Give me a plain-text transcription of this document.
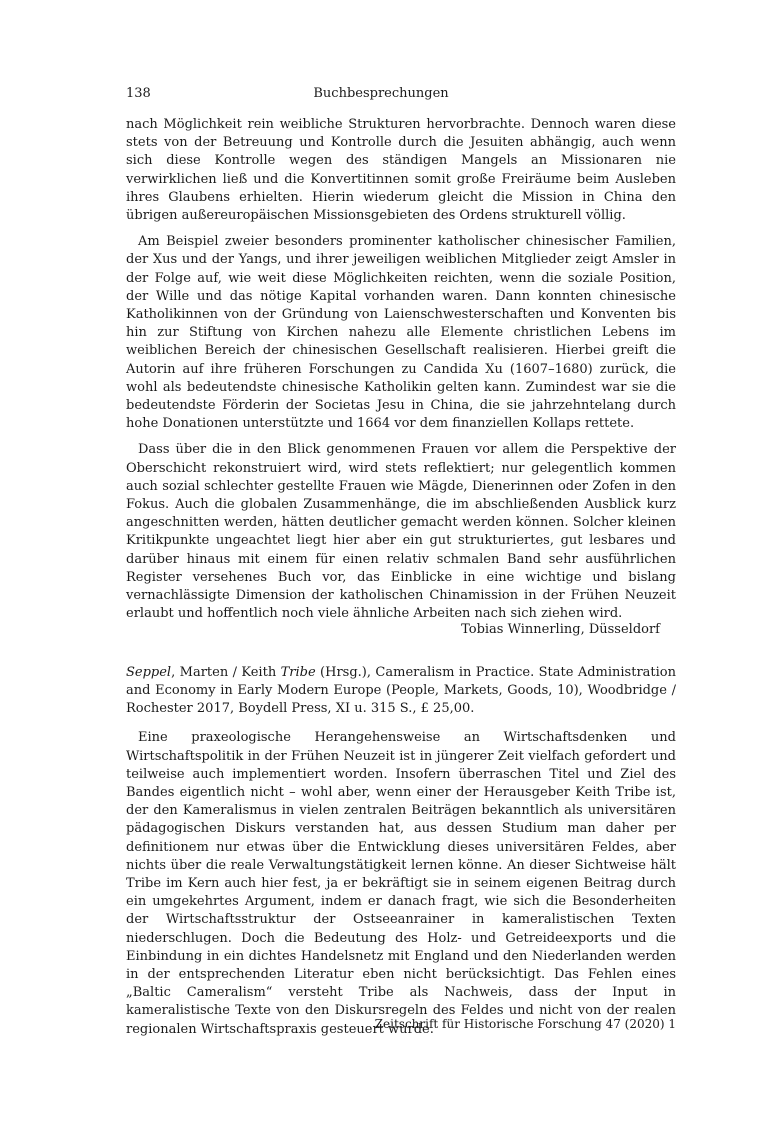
138	Buchbesprechungen

nach Möglichkeit rein weibliche Strukturen hervorbrachte. Dennoch waren diese stets von der Betreuung und Kontrolle durch die Jesuiten abhängig, auch wenn sich diese Kontrolle wegen des ständigen Mangels an Missionaren nie verwirklichen ließ und die Konvertitinnen somit große Freiräume beim Ausleben ihres Glaubens erhielten. Hierin wiederum gleicht die Mission in China den übrigen außereuropäischen Missionsgebieten des Ordens strukturell völlig.

Am Beispiel zweier besonders prominenter katholischer chinesischer Familien, der Xus und der Yangs, und ihrer jeweiligen weiblichen Mitglieder zeigt Amsler in der Folge auf, wie weit diese Möglichkeiten reichten, wenn die soziale Position, der Wille und das nötige Kapital vorhanden waren. Dann konnten chinesische Katholikinnen von der Gründung von Laienschwesterschaften und Konventen bis hin zur Stiftung von Kirchen nahezu alle Elemente christlichen Lebens im weiblichen Bereich der chinesischen Gesellschaft realisieren. Hierbei greift die Autorin auf ihre früheren Forschungen zu Candida Xu (1607–1680) zurück, die wohl als bedeutendste chinesische Katholikin gelten kann. Zumindest war sie die bedeutendste Förderin der Societas Jesu in China, die sie jahrzehntelang durch hohe Donationen unterstützte und 1664 vor dem finanziellen Kollaps rettete.

Dass über die in den Blick genommenen Frauen vor allem die Perspektive der Oberschicht rekonstruiert wird, wird stets reflektiert; nur gelegentlich kommen auch sozial schlechter gestellte Frauen wie Mägde, Dienerinnen oder Zofen in den Fokus. Auch die globalen Zusammenhänge, die im abschließenden Ausblick kurz angeschnitten werden, hätten deutlicher gemacht werden können. Solcher kleinen Kritikpunkte ungeachtet liegt hier aber ein gut strukturiertes, gut lesbares und darüber hinaus mit einem für einen relativ schmalen Band sehr ausführlichen Register versehenes Buch vor, das Einblicke in eine wichtige und bislang vernachlässigte Dimension der katholischen Chinamission in der Frühen Neuzeit erlaubt und hoffentlich noch viele ähnliche Arbeiten nach sich ziehen wird.

Tobias Winnerling, Düsseldorf
Seppel, Marten / Keith Tribe (Hrsg.), Cameralism in Practice. State Administration and Economy in Early Modern Europe (People, Markets, Goods, 10), Woodbridge / Rochester 2017, Boydell Press, XI u. 315 S., £ 25,00.

Eine praxeologische Herangehensweise an Wirtschaftsdenken und Wirtschaftspolitik in der Frühen Neuzeit ist in jüngerer Zeit vielfach gefordert und teilweise auch implementiert worden. Insofern überraschen Titel und Ziel des Bandes eigentlich nicht – wohl aber, wenn einer der Herausgeber Keith Tribe ist, der den Kameralismus in vielen zentralen Beiträgen bekanntlich als universitären pädagogischen Diskurs verstanden hat, aus dessen Studium man daher per definitionem nur etwas über die Entwicklung dieses universitären Feldes, aber nichts über die reale Verwaltungstätigkeit lernen könne. An dieser Sichtweise hält Tribe im Kern auch hier fest, ja er bekräftigt sie in seinem eigenen Beitrag durch ein umgekehrtes Argument, indem er danach fragt, wie sich die Besonderheiten der Wirtschaftsstruktur der Ostseeanrainer in kameralistischen Texten niederschlugen. Doch die Bedeutung des Holz- und Getreideexports und die Einbindung in ein dichtes Handelsnetz mit England und den Niederlanden werden in der entsprechenden Literatur eben nicht berücksichtigt. Das Fehlen eines „Baltic Cameralism“ versteht Tribe als Nachweis, dass der Input in kameralistische Texte von den Diskursregeln des Feldes und nicht von der realen regionalen Wirtschaftspraxis gesteuert wurde.

Zeitschrift für Historische Forschung 47 (2020) 1
